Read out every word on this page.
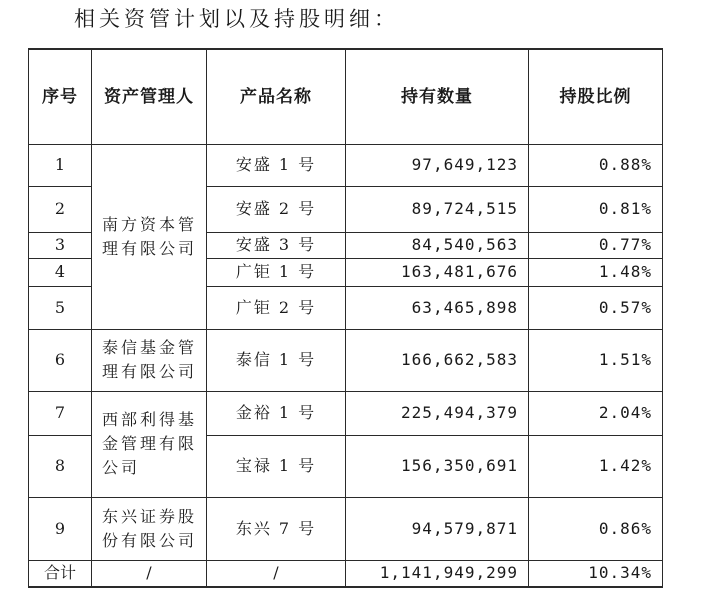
相关资管计划以及持股明细：
序号	资产管理人	产品名称	持有数量	持股比例
1	南方资本管理有限公司	安盛 1 号	97,649,123	0.88%
2		安盛 2 号	89,724,515	0.81%
3		安盛 3 号	84,540,563	0.77%
4		广钜 1 号	163,481,676	1.48%
5		广钜 2 号	63,465,898	0.57%
6	泰信基金管理有限公司	泰信 1 号	166,662,583	1.51%
7	西部利得基金管理有限公司	金裕 1 号	225,494,379	2.04%
8		宝禄 1 号	156,350,691	1.42%
9	东兴证券股份有限公司	东兴 7 号	94,579,871	0.86%
合计	/	/	1,141,949,299	10.34%
